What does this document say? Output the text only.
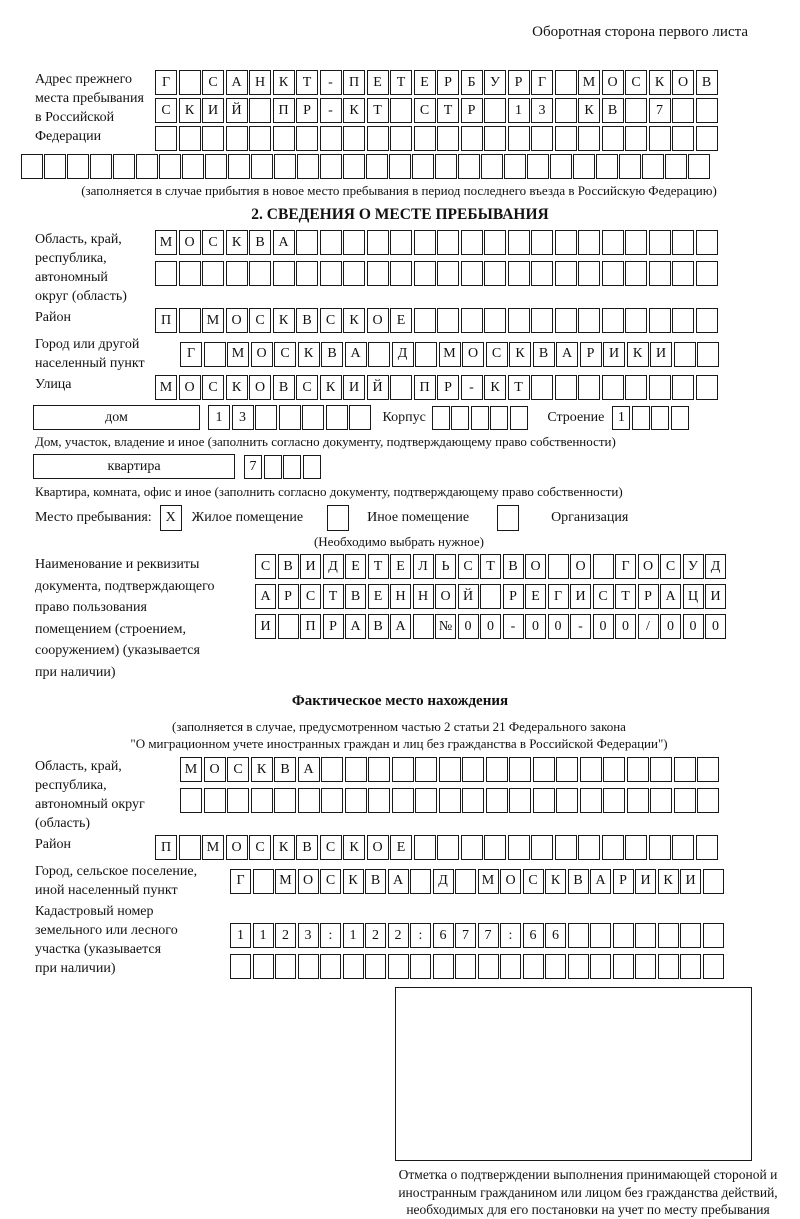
Оборотная сторона первого листа
Адрес прежнего
места пребывания
в Российской
Федерации
Г	С А Н К	Т	-	П	Е	Т	Е	Р	Б	У	Р	Г	М О С	К О В
С	К И Й	П	Р	-	К	Т	С	Т	Р	1	3	К	В	7
(заполняется в случае прибытия в новое место пребывания в период последнего въезда в Российскую Федерацию)
2. СВЕДЕНИЯ О МЕСТЕ ПРЕБЫВАНИЯ
Область, край,
республика,
автономный
округ (область)
М О С	К	В А
Район	П	М О С	К	В	С	К О	Е
Город или другой
населенный пункт
Г	М О С	К	В А	Д	М О С	К	В А	Р	И К И
Улица	М О С	К О В	С	К И Й	П	Р	-	К	Т
дом	1	3	Корпус	Строение 1
Дом, участок, владение и иное (заполнить согласно документу, подтверждающему право собственности)
квартира	7
Квартира, комната, офис и иное (заполнить согласно документу, подтверждающему право собственности)
Место пребывания: X	Жилое помещение	Иное помещение	Организация
(Необходимо выбрать нужное)
Наименование и реквизиты
документа, подтверждающего
право пользования
помещением (строением,
сооружением) (указывается
при наличии)
С В И Д Е Т Е Л Ь С Т В О	О	Г О С У Д
А Р С Т В Е Н Н О Й	Р	Е	Г И С Т	Р А Ц И
И	П Р А В А	№ 0	0	-	0	0	-	0	0	/	0	0	0
Фактическое место нахождения
(заполняется в случае, предусмотренном частью 2 статьи 21 Федерального закона
"О миграционном учете иностранных граждан и лиц без гражданства в Российской Федерации")
Область, край,
республика,
автономный округ
(область)
М О С	К	В А
Район	П	М О С	К	В	С	К О	Е
Город, сельское поселение,
иной населенный пункт
Г	М О С К В А	Д	М О С К В А Р И К И
Кадастровый номер
земельного или лесного
участка (указывается
при наличии)
1	1	2	3	:	1	2	2	:	6	7	7	:	6	6
Отметка о подтверждении выполнения принимающей стороной и иностранным гражданином или лицом без гражданства действий, необходимых для его постановки на учет по месту пребывания
